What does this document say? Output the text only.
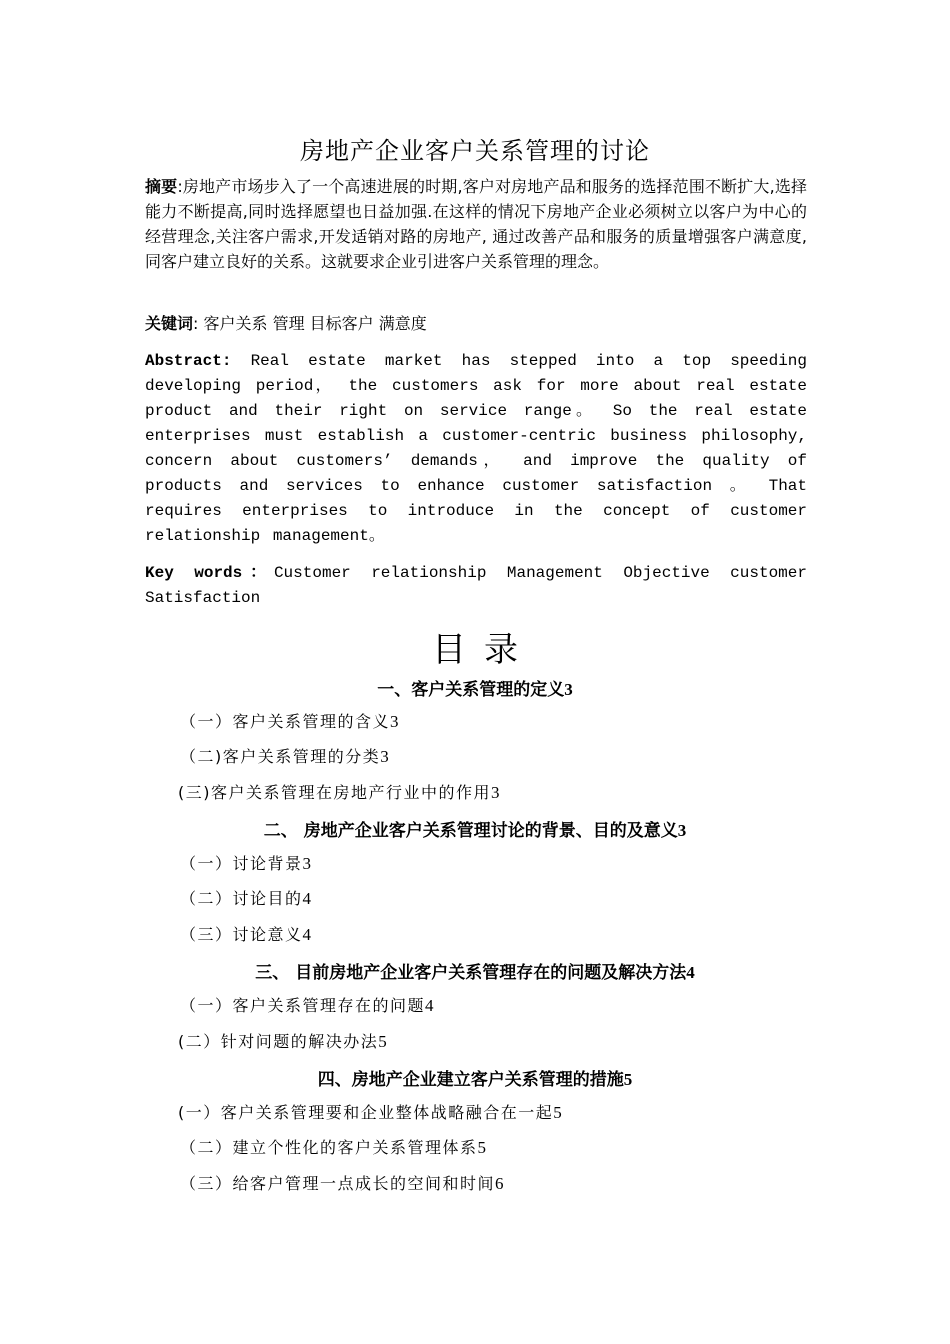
房地产企业客户关系管理的讨论
摘要:房地产市场步入了一个高速进展的时期,客户对房地产品和服务的选择范围不断扩大,选择能力不断提高,同时选择愿望也日益加强.在这样的情况下房地产企业必须树立以客户为中心的经营理念,关注客户需求,开发适销对路的房地产, 通过改善产品和服务的质量增强客户满意度,同客户建立良好的关系。这就要求企业引进客户关系管理的理念。
关键词: 客户关系 管理 目标客户 满意度
Abstract: Real estate market has stepped into a top speeding developing period， the customers ask for more about real estate product and their right on service range。 So the real estate enterprises must establish a customer-centric business philosophy, concern about customers’ demands， and improve the quality of products and services to enhance customer satisfaction 。 That requires enterprises to introduce in the concept of customer relationship management。
Key words：Customer relationship Management Objective customer Satisfaction
目录
一、客户关系管理的定义3
（一）客户关系管理的含义3
（二)客户关系管理的分类3
(三)客户关系管理在房地产行业中的作用3
二、 房地产企业客户关系管理讨论的背景、目的及意义3
（一）讨论背景3
（二）讨论目的4
（三）讨论意义4
三、 目前房地产企业客户关系管理存在的问题及解决方法4
（一）客户关系管理存在的问题4
(二）针对问题的解决办法5
四、房地产企业建立客户关系管理的措施5
(一）客户关系管理要和企业整体战略融合在一起5
（二）建立个性化的客户关系管理体系5
（三）给客户管理一点成长的空间和时间6
